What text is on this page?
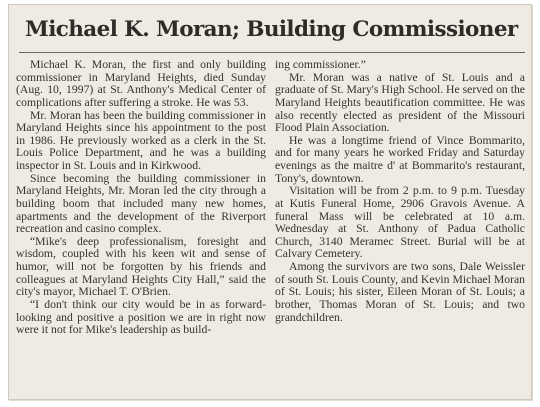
Michael K. Moran; Building Commissioner

Michael K. Moran, the first and only building commissioner in Maryland Heights, died Sunday (Aug. 10, 1997) at St. Anthony's Medical Center of complications after suffering a stroke. He was 53.

Mr. Moran has been the building commissioner in Maryland Heights since his appointment to the post in 1986. He previously worked as a clerk in the St. Louis Police Department, and he was a building inspector in St. Louis and in Kirkwood.

Since becoming the building commissioner in Maryland Heights, Mr. Moran led the city through a building boom that included many new homes, apartments and the development of the Riverport recreation and casino complex.

“Mike's deep professionalism, foresight and wisdom, coupled with his keen wit and sense of humor, will not be forgotten by his friends and colleagues at Maryland Heights City Hall,” said the city's mayor, Michael T. O'Brien.

“I don't think our city would be in as forward-looking and positive a position we are in right now were it not for Mike's leadership as build-

ing commissioner.”

Mr. Moran was a native of St. Louis and a graduate of St. Mary's High School. He served on the Maryland Heights beautification committee. He was also recently elected as president of the Missouri Flood Plain Association.

He was a longtime friend of Vince Bommarito, and for many years he worked Friday and Saturday evenings as the maitre d' at Bommarito's restaurant, Tony's, downtown.

Visitation will be from 2 p.m. to 9 p.m. Tuesday at Kutis Funeral Home, 2906 Gravois Avenue. A funeral Mass will be celebrated at 10 a.m. Wednesday at St. Anthony of Padua Catholic Church, 3140 Meramec Street. Burial will be at Calvary Cemetery.

Among the survivors are two sons, Dale Weissler of south St. Louis County, and Kevin Michael Moran of St. Louis; his sister, Eileen Moran of St. Louis; a brother, Thomas Moran of St. Louis; and two grandchildren.
